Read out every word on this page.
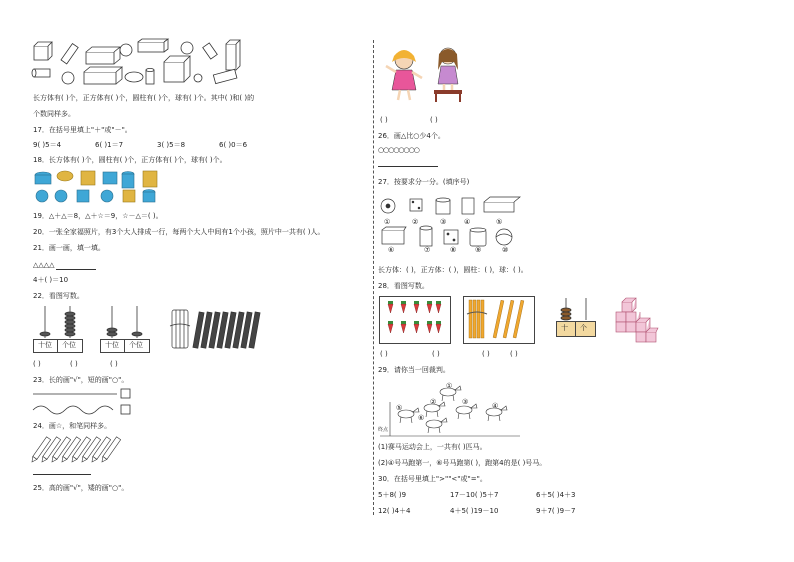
长方体有( )个，正方体有( )个，圆柱有( )个，球有( )个。其中( )和( )的
个数同样多。
17．在括号里填上"＋"或"－"。
9( )5＝4	6( )1＝7	3( )5＝8	6( )0＝6
18．长方体有( )个，圆柱有( )个，正方体有( )个，球有( )个。
19．△＋△＝8，△＋☆＝9，☆－△＝( )。
20．一张全家福照片，有3个大人排成一行，每两个大人中间有1个小孩，照片中一共有( )人。
21．画一画，填一填。
△△△△
4＋( )＝10
22．看图写数。
十位 个位	十位 个位
( )	( )	( )
23．长的画"√"，短的画"○"。
24．画☆，和笔同样多。
25．高的画"√"，矮的画"○"。
( )	( )
26．画△比○少4个。
○○○○○○○○
27．按要求分一分。(填序号)
①	②	③	④	⑤
⑥	⑦	⑧	⑨	⑩
长方体：( )，正方体：( )，圆柱：( )，球：( )。
28．看图写数。
十 个
( )	( )	( )	( )
29．请你当一回裁判。
①
②	③	④
⑤
⑥
终点
(1)赛马运动会上，一共有( )匹马。
(2)④号马跑第一，⑥号马跑第( )，跑第4的是( )号马。
30．在括号里填上">""<"或"="。
5＋8( )9	17－10( )5＋7	6＋5( )4＋3
12( )4＋4	4＋5( )19－10	9＋7( )9－7
